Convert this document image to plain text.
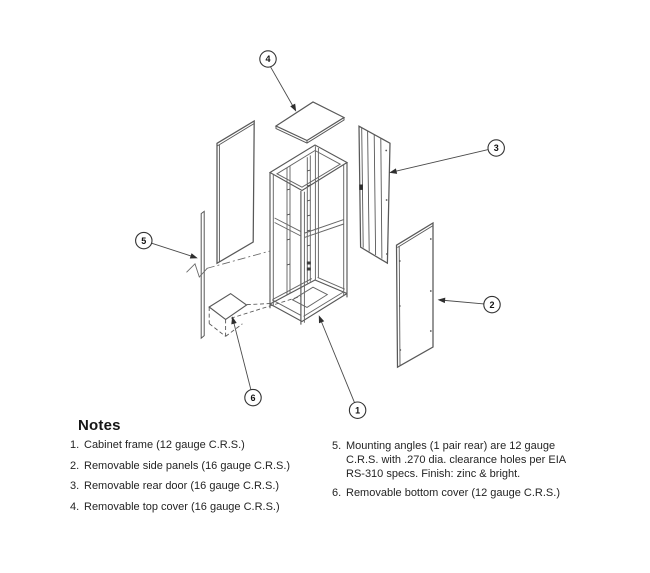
4
3
5
2
6
1
Notes
1. Cabinet frame (12 gauge C.R.S.)
2. Removable side panels (16 gauge C.R.S.)
3. Removable rear door (16 gauge C.R.S.)
4. Removable top cover (16 gauge C.R.S.)
5. Mounting angles (1 pair rear) are 12 gauge
C.R.S. with .270 dia. clearance holes per EIA
RS-310 specs. Finish: zinc & bright.
6. Removable bottom cover (12 gauge C.R.S.)
